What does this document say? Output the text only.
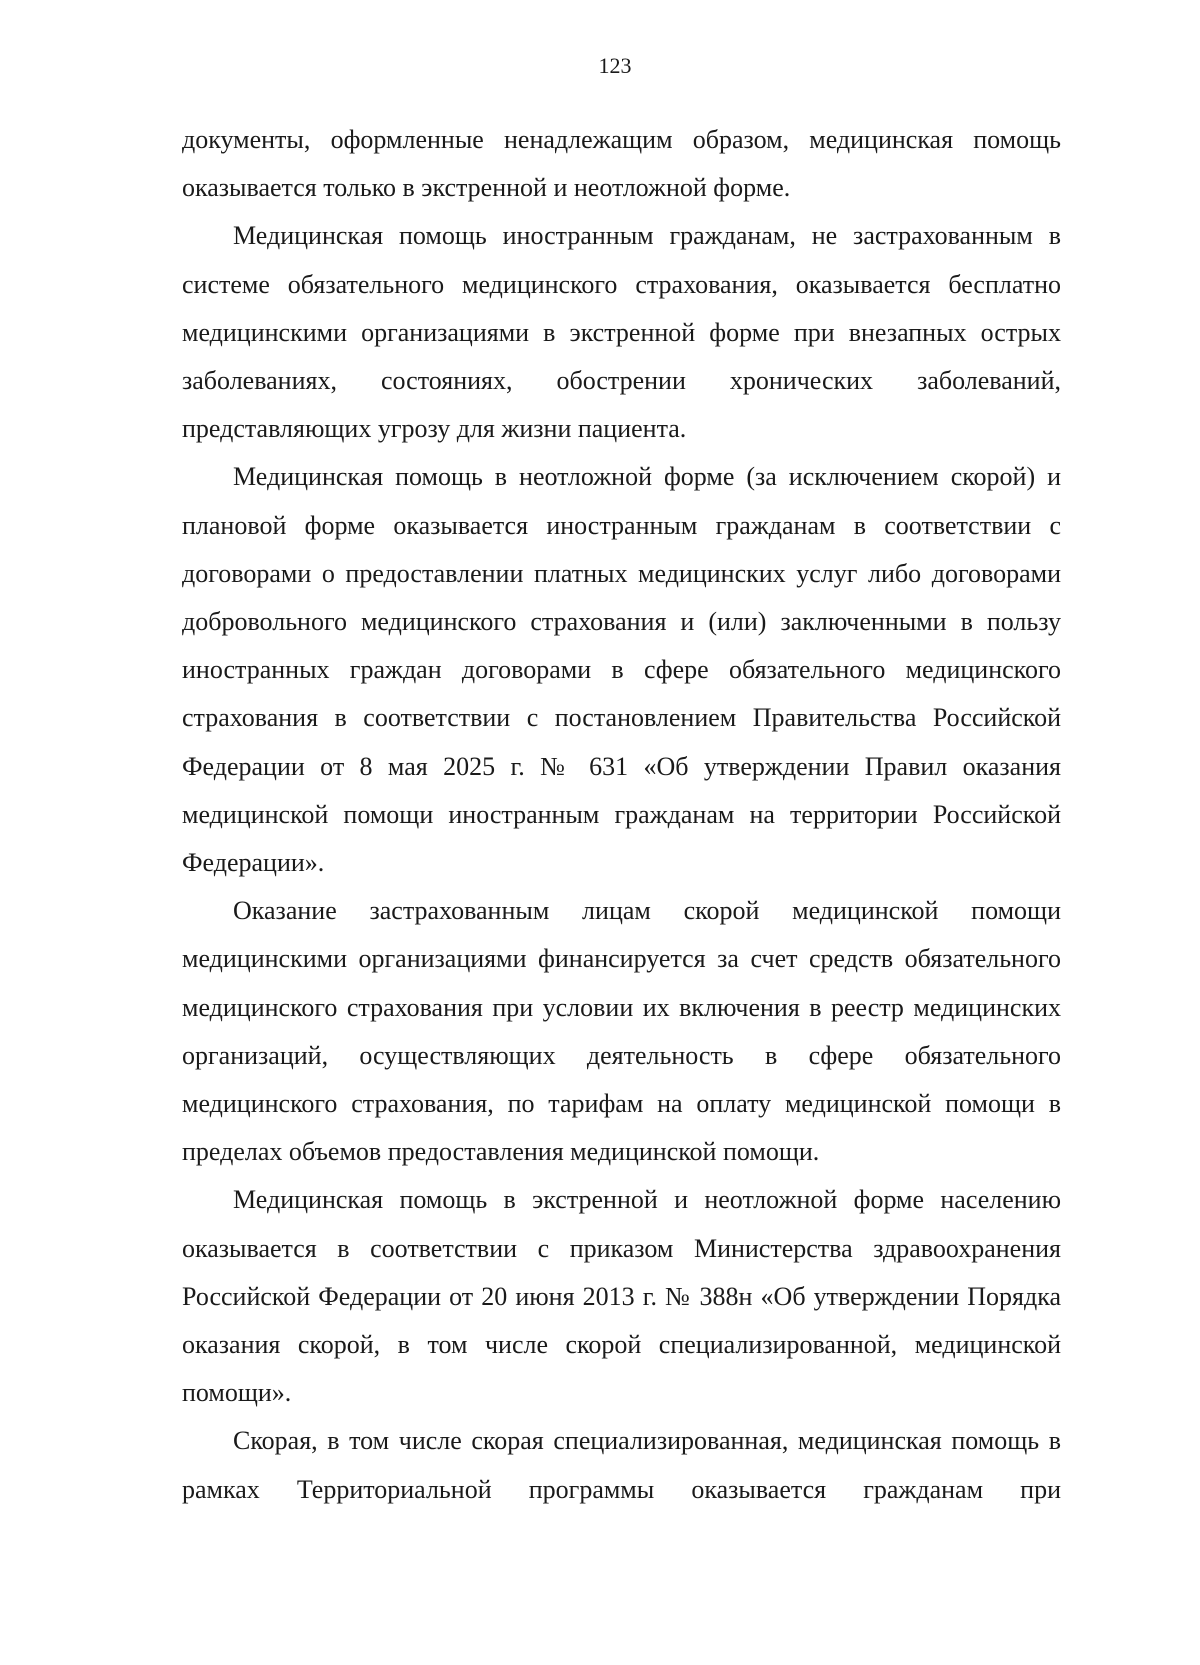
123

документы, оформленные ненадлежащим образом, медицинская помощь оказывается только в экстренной и неотложной форме.

Медицинская помощь иностранным гражданам, не застрахованным в системе обязательного медицинского страхования, оказывается бесплатно медицинскими организациями в экстренной форме при внезапных острых заболеваниях, состояниях, обострении хронических заболеваний, представляющих угрозу для жизни пациента.

Медицинская помощь в неотложной форме (за исключением скорой) и плановой форме оказывается иностранным гражданам в соответствии с договорами о предоставлении платных медицинских услуг либо договорами добровольного медицинского страхования и (или) заключенными в пользу иностранных граждан договорами в сфере обязательного медицинского страхования в соответствии с постановлением Правительства Российской Федерации от 8 мая 2025 г. № 631 «Об утверждении Правил оказания медицинской помощи иностранным гражданам на территории Российской Федерации».

Оказание застрахованным лицам скорой медицинской помощи медицинскими организациями финансируется за счет средств обязательного медицинского страхования при условии их включения в реестр медицинских организаций, осуществляющих деятельность в сфере обязательного медицинского страхования, по тарифам на оплату медицинской помощи в пределах объемов предоставления медицинской помощи.

Медицинская помощь в экстренной и неотложной форме населению оказывается в соответствии с приказом Министерства здравоохранения Российской Федерации от 20 июня 2013 г. № 388н «Об утверждении Порядка оказания скорой, в том числе скорой специализированной, медицинской помощи».

Скорая, в том числе скорая специализированная, медицинская помощь в рамках Территориальной программы оказывается гражданам при
